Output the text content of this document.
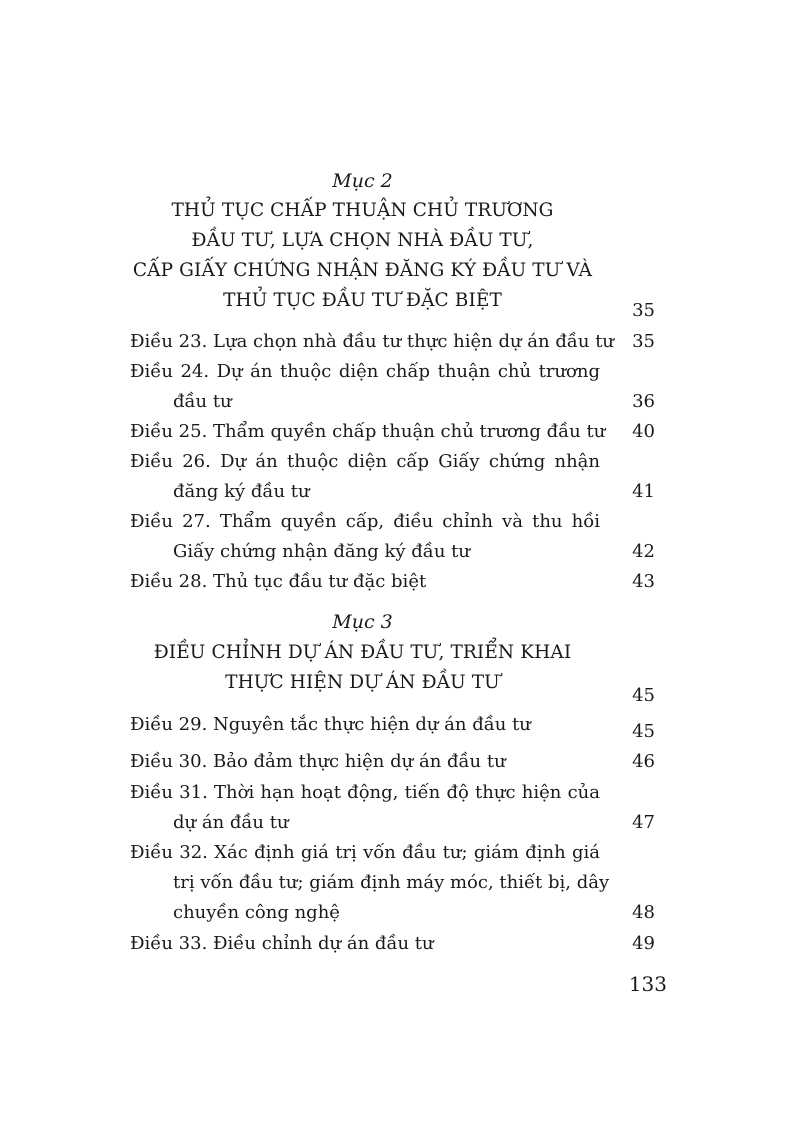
Mục 2
THỦ TỤC CHẤP THUẬN CHỦ TRƯƠNG
ĐẦU TƯ, LỰA CHỌN NHÀ ĐẦU TƯ,
CẤP GIẤY CHỨNG NHẬN ĐĂNG KÝ ĐẦU TƯ VÀ
THỦ TỤC ĐẦU TƯ ĐẶC BIỆT	35
Điều 23. Lựa chọn nhà đầu tư thực hiện dự án đầu tư	35
Điều 24. Dự án thuộc diện chấp thuận chủ trương
đầu tư	36
Điều 25. Thẩm quyền chấp thuận chủ trương đầu tư	40
Điều 26. Dự án thuộc diện cấp Giấy chứng nhận
đăng ký đầu tư	41
Điều 27. Thẩm quyền cấp, điều chỉnh và thu hồi
Giấy chứng nhận đăng ký đầu tư	42
Điều 28. Thủ tục đầu tư đặc biệt	43
Mục 3
ĐIỀU CHỈNH DỰ ÁN ĐẦU TƯ, TRIỂN KHAI
THỰC HIỆN DỰ ÁN ĐẦU TƯ
45
Điều 29. Nguyên tắc thực hiện dự án đầu tư	45
Điều 30. Bảo đảm thực hiện dự án đầu tư	46
Điều 31. Thời hạn hoạt động, tiến độ thực hiện của
dự án đầu tư	47
Điều 32. Xác định giá trị vốn đầu tư; giám định giá
trị vốn đầu tư; giám định máy móc, thiết bị, dây
chuyền công nghệ	48
Điều 33. Điều chỉnh dự án đầu tư	49
133
